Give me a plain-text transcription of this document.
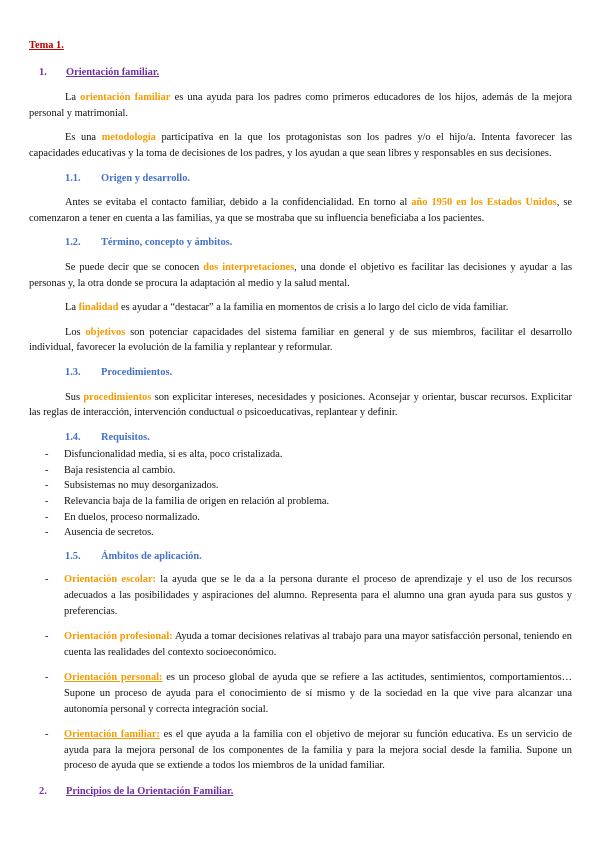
Tema 1.
1.	Orientación familiar.
La orientación familiar es una ayuda para los padres como primeros educadores de los hijos, además de la mejora personal y matrimonial.
Es una metodología participativa en la que los protagonistas son los padres y/o el hijo/a. Intenta favorecer las capacidades educativas y la toma de decisiones de los padres, y los ayudan a que sean libres y responsables en sus decisiones.
1.1.	Origen y desarrollo.
Antes se evitaba el contacto familiar, debido a la confidencialidad. En torno al año 1950 en los Estados Unidos, se comenzaron a tener en cuenta a las familias, ya que se mostraba que su influencia beneficiaba a los pacientes.
1.2.	Término, concepto y ámbitos.
Se puede decir que se conocen dos interpretaciones, una donde el objetivo es facilitar las decisiones y ayudar a las personas y, la otra donde se procura la adaptación al medio y la salud mental.
La finalidad es ayudar a “destacar” a la familia en momentos de crisis a lo largo del ciclo de vida familiar.
Los objetivos son potenciar capacidades del sistema familiar en general y de sus miembros, facilitar el desarrollo individual, favorecer la evolución de la familia y replantear y reformular.
1.3.	Procedimientos.
Sus procedimientos son explicitar intereses, necesidades y posiciones. Aconsejar y orientar, buscar recursos. Explicitar las reglas de interacción, intervención conductual o psicoeducativas, replantear y definir.
1.4.	Requisitos.
-	Disfuncionalidad media, si es alta, poco cristalizada.
-	Baja resistencia al cambio.
-	Subsistemas no muy desorganizados.
-	Relevancia baja de la familia de origen en relación al problema.
-	En duelos, proceso normalizado.
-	Ausencia de secretos.
1.5.	Ámbitos de aplicación.
-	Orientación escolar: la ayuda que se le da a la persona durante el proceso de aprendizaje y el uso de los recursos adecuados a las posibilidades y aspiraciones del alumno. Representa para el alumno una gran ayuda para sus gustos y preferencias.
-	Orientación profesional: Ayuda a tomar decisiones relativas al trabajo para una mayor satisfacción personal, teniendo en cuenta las realidades del contexto socioeconómico.
-	Orientación personal: es un proceso global de ayuda que se refiere a las actitudes, sentimientos, comportamientos… Supone un proceso de ayuda para el conocimiento de sí mismo y de la sociedad en la que vive para alcanzar una autonomía personal y correcta integración social.
-	Orientación familiar: es el que ayuda a la familia con el objetivo de mejorar su función educativa. Es un servicio de ayuda para la mejora personal de los componentes de la familia y para la mejora social desde la familia. Supone un proceso de ayuda que se extiende a todos los miembros de la unidad familiar.
2.	Principios de la Orientación Familiar.
